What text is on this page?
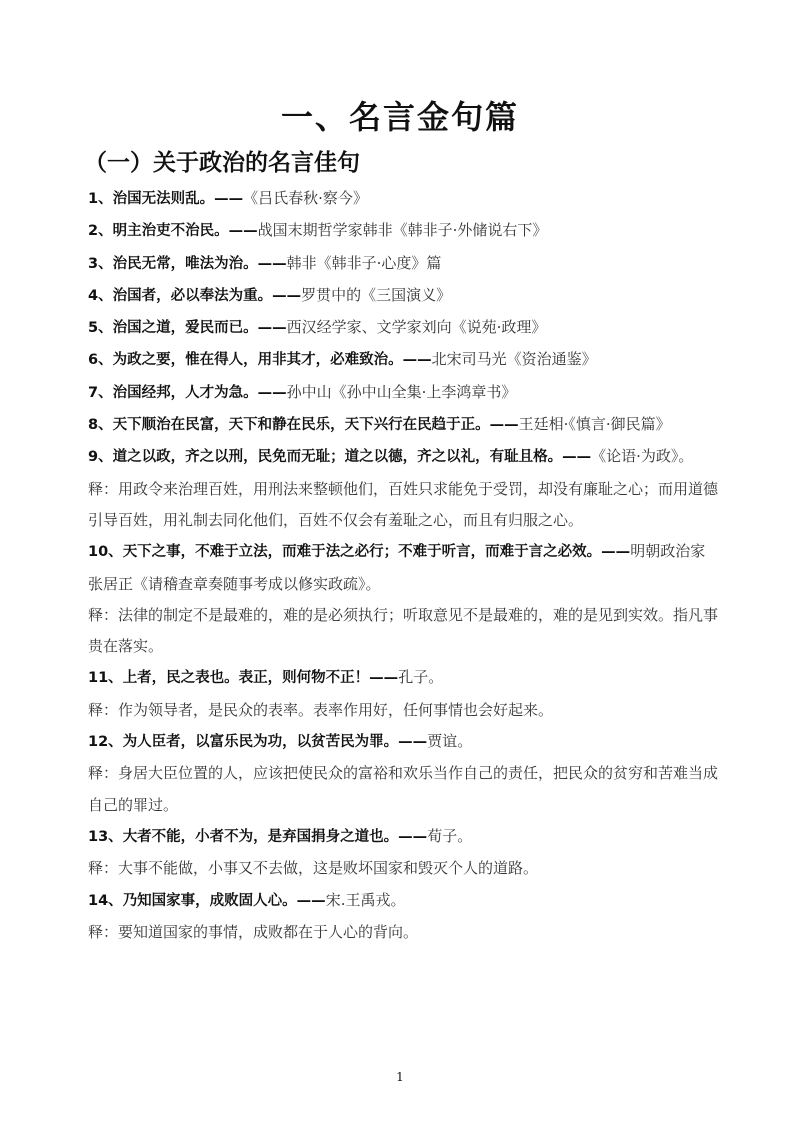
一、名言金句篇
（一）关于政治的名言佳句

1、治国无法则乱。——《吕氏春秋·察今》

2、明主治吏不治民。——战国末期哲学家韩非《韩非子·外储说右下》

3、治民无常，唯法为治。——韩非《韩非子·心度》篇

4、治国者，必以奉法为重。——罗贯中的《三国演义》

5、治国之道，爱民而已。——西汉经学家、文学家刘向《说苑·政理》

6、为政之要，惟在得人，用非其才，必难致治。——北宋司马光《资治通鉴》

7、治国经邦，人才为急。——孙中山《孙中山全集·上李鸿章书》

8、天下顺治在民富，天下和静在民乐，天下兴行在民趋于正。——王廷相·《慎言·御民篇》

9、道之以政，齐之以刑，民免而无耻；道之以德，齐之以礼，有耻且格。——《论语·为政》。

释：用政令来治理百姓，用刑法来整顿他们，百姓只求能免于受罚，却没有廉耻之心；而用道德引导百姓，用礼制去同化他们，百姓不仅会有羞耻之心，而且有归服之心。

10、天下之事，不难于立法，而难于法之必行；不难于听言，而难于言之必效。——明朝政治家张居正《请稽查章奏随事考成以修实政疏》。

释：法律的制定不是最难的，难的是必须执行；听取意见不是最难的，难的是见到实效。指凡事贵在落实。

11、上者，民之表也。表正，则何物不正！——孔子。

释：作为领导者，是民众的表率。表率作用好，任何事情也会好起来。

12、为人臣者，以富乐民为功，以贫苦民为罪。——贾谊。

释：身居大臣位置的人，应该把使民众的富裕和欢乐当作自己的责任，把民众的贫穷和苦难当成自己的罪过。

13、大者不能，小者不为，是弃国捐身之道也。——荀子。

释：大事不能做，小事又不去做，这是败坏国家和毁灭个人的道路。

14、乃知国家事，成败固人心。——宋.王禹戎。

释：要知道国家的事情，成败都在于人心的背向。

1
